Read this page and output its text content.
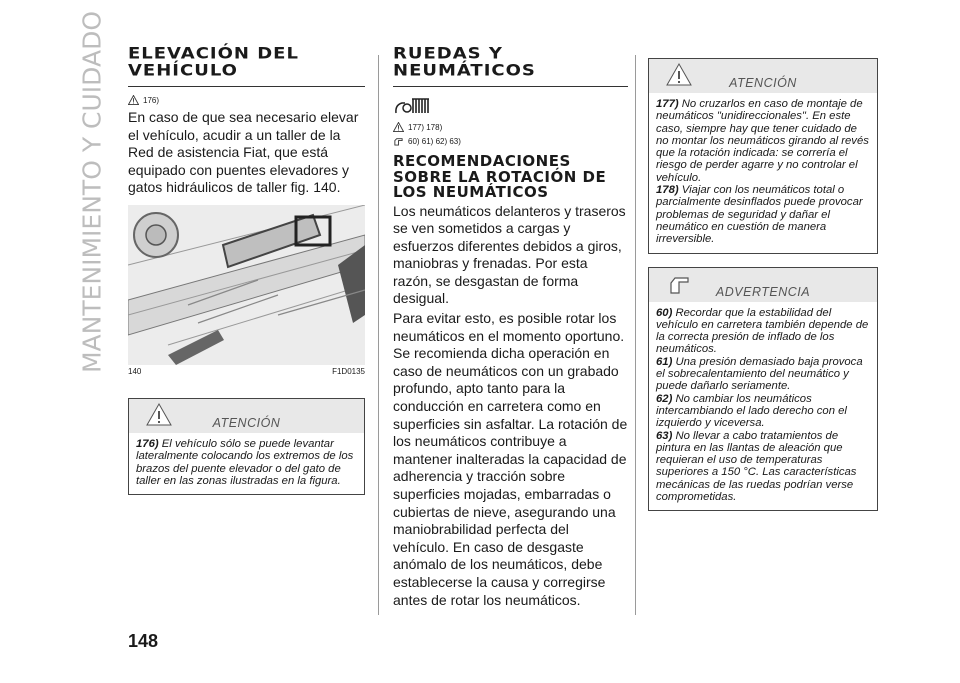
MANTENIMIENTO Y CUIDADO ELEVACIÓN DEL
VEHÍCULO
176)

En caso de que sea necesario elevar el vehículo, acudir a un taller de la Red de asistencia Fiat, que está equipado con puentes elevadores y gatos hidráulicos de taller fig. 140.

140	F1D0135
ATENCIÓN
176) El vehículo sólo se puede levantar lateralmente colocando los extremos de los brazos del puente elevador o del gato de taller en las zonas ilustradas en la figura.
RUEDAS Y
NEUMÁTICOS
177) 178)
60) 61) 62) 63)
RECOMENDACIONES
SOBRE LA ROTACIÓN DE
LOS NEUMÁTICOS

Los neumáticos delanteros y traseros se ven sometidos a cargas y esfuerzos diferentes debidos a giros, maniobras y frenadas. Por esta razón, se desgastan de forma desigual.

Para evitar esto, es posible rotar los neumáticos en el momento oportuno. Se recomienda dicha operación en caso de neumáticos con un grabado profundo, apto tanto para la conducción en carretera como en superficies sin asfaltar. La rotación de los neumáticos contribuye a mantener inalteradas la capacidad de adherencia y tracción sobre superficies mojadas, embarradas o cubiertas de nieve, asegurando una maniobrabilidad perfecta del vehículo. En caso de desgaste anómalo de los neumáticos, debe establecerse la causa y corregirse antes de rotar los neumáticos.

ATENCIÓN
177) No cruzarlos en caso de montaje de neumáticos "unidireccionales". En este caso, siempre hay que tener cuidado de no montar los neumáticos girando al revés que la rotación indicada: se correría el riesgo de perder agarre y no controlar el vehículo.
178) Viajar con los neumáticos total o parcialmente desinflados puede provocar problemas de seguridad y dañar el neumático en cuestión de manera irreversible.
ADVERTENCIA
60) Recordar que la estabilidad del vehículo en carretera también depende de la correcta presión de inflado de los neumáticos.
61) Una presión demasiado baja provoca el sobrecalentamiento del neumático y puede dañarlo seriamente.
62) No cambiar los neumáticos intercambiando el lado derecho con el izquierdo y viceversa.
63) No llevar a cabo tratamientos de pintura en las llantas de aleación que requieran el uso de temperaturas superiores a 150 °C. Las características mecánicas de las ruedas podrían verse comprometidas.
148
